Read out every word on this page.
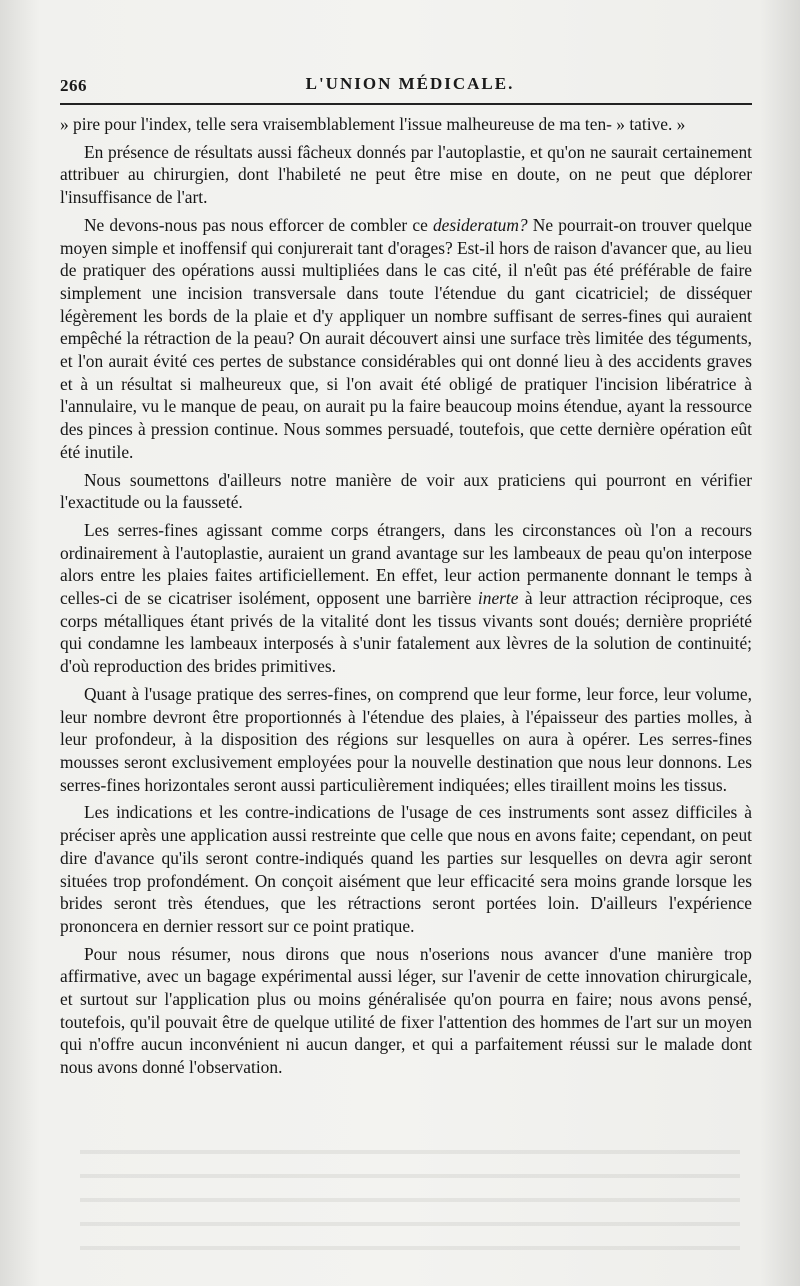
266	L'UNION MÉDICALE.

» pire pour l'index, telle sera vraisemblablement l'issue malheureuse de ma ten- » tative. »

En présence de résultats aussi fâcheux donnés par l'autoplastie, et qu'on ne saurait certainement attribuer au chirurgien, dont l'habileté ne peut être mise en doute, on ne peut que déplorer l'insuffisance de l'art.

Ne devons-nous pas nous efforcer de combler ce desideratum? Ne pourrait-on trouver quelque moyen simple et inoffensif qui conjurerait tant d'orages? Est-il hors de raison d'avancer que, au lieu de pratiquer des opérations aussi multipliées dans le cas cité, il n'eût pas été préférable de faire simplement une incision transversale dans toute l'étendue du gant cicatriciel; de disséquer légèrement les bords de la plaie et d'y appliquer un nombre suffisant de serres-fines qui auraient empêché la rétraction de la peau? On aurait découvert ainsi une surface très limitée des téguments, et l'on aurait évité ces pertes de substance considérables qui ont donné lieu à des accidents graves et à un résultat si malheureux que, si l'on avait été obligé de pratiquer l'incision libératrice à l'annulaire, vu le manque de peau, on aurait pu la faire beaucoup moins étendue, ayant la ressource des pinces à pression continue. Nous sommes persuadé, toutefois, que cette dernière opération eût été inutile.

Nous soumettons d'ailleurs notre manière de voir aux praticiens qui pourront en vérifier l'exactitude ou la fausseté.

Les serres-fines agissant comme corps étrangers, dans les circonstances où l'on a recours ordinairement à l'autoplastie, auraient un grand avantage sur les lambeaux de peau qu'on interpose alors entre les plaies faites artificiellement. En effet, leur action permanente donnant le temps à celles-ci de se cicatriser isolément, opposent une barrière inerte à leur attraction réciproque, ces corps métalliques étant privés de la vitalité dont les tissus vivants sont doués; dernière propriété qui condamne les lambeaux interposés à s'unir fatalement aux lèvres de la solution de continuité; d'où reproduction des brides primitives.

Quant à l'usage pratique des serres-fines, on comprend que leur forme, leur force, leur volume, leur nombre devront être proportionnés à l'étendue des plaies, à l'épaisseur des parties molles, à leur profondeur, à la disposition des régions sur lesquelles on aura à opérer. Les serres-fines mousses seront exclusivement employées pour la nouvelle destination que nous leur donnons. Les serres-fines horizontales seront aussi particulièrement indiquées; elles tiraillent moins les tissus.

Les indications et les contre-indications de l'usage de ces instruments sont assez difficiles à préciser après une application aussi restreinte que celle que nous en avons faite; cependant, on peut dire d'avance qu'ils seront contre-indiqués quand les parties sur lesquelles on devra agir seront situées trop profondément. On conçoit aisément que leur efficacité sera moins grande lorsque les brides seront très étendues, que les rétractions seront portées loin. D'ailleurs l'expérience prononcera en dernier ressort sur ce point pratique.

Pour nous résumer, nous dirons que nous n'oserions nous avancer d'une manière trop affirmative, avec un bagage expérimental aussi léger, sur l'avenir de cette innovation chirurgicale, et surtout sur l'application plus ou moins généralisée qu'on pourra en faire; nous avons pensé, toutefois, qu'il pouvait être de quelque utilité de fixer l'attention des hommes de l'art sur un moyen qui n'offre aucun inconvénient ni aucun danger, et qui a parfaitement réussi sur le malade dont nous avons donné l'observation.
